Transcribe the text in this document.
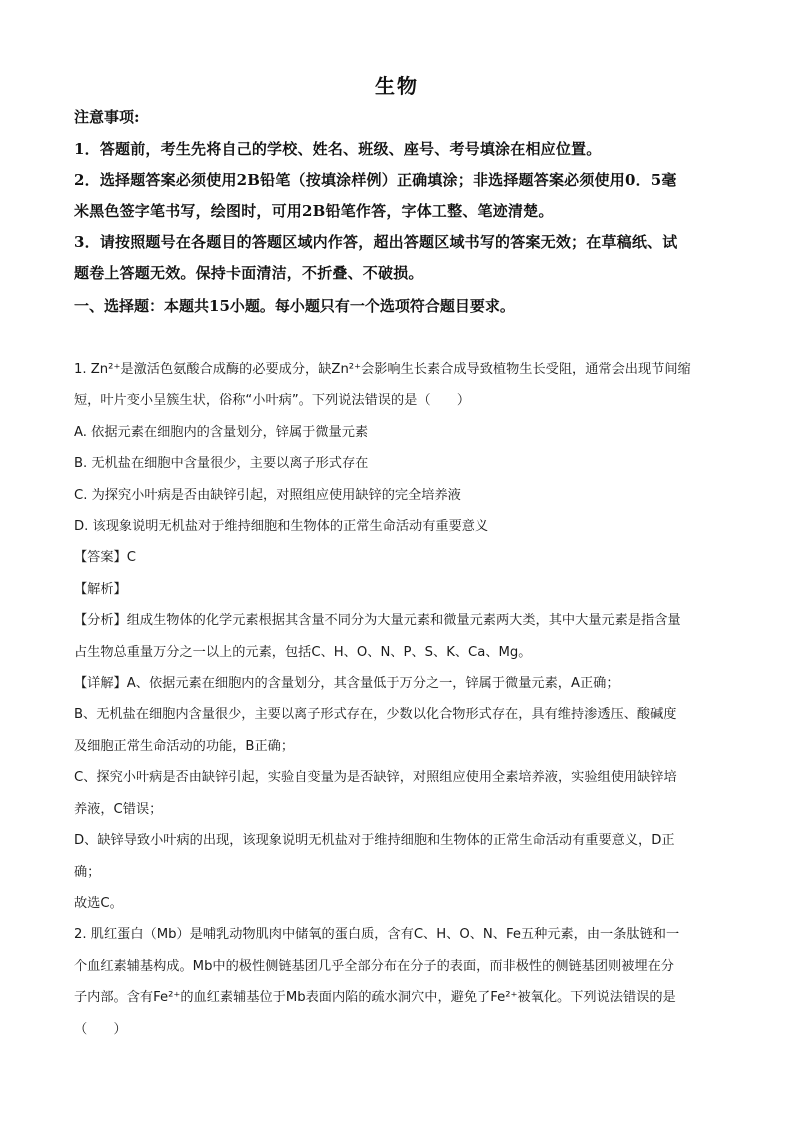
生物
注意事项:
1．答题前，考生先将自己的学校、姓名、班级、座号、考号填涂在相应位置。
2．选择题答案必须使用2B铅笔（按填涂样例）正确填涂；非选择题答案必须使用0．5毫
米黑色签字笔书写，绘图时，可用2B铅笔作答，字体工整、笔迹清楚。
3．请按照题号在各题目的答题区域内作答，超出答题区域书写的答案无效；在草稿纸、试
题卷上答题无效。保持卡面清洁，不折叠、不破损。
一、选择题：本题共15小题。每小题只有一个选项符合题目要求。

1. Zn²⁺是激活色氨酸合成酶的必要成分，缺Zn²⁺会影响生长素合成导致植物生长受阻，通常会出现节间缩

短，叶片变小呈簇生状，俗称“小叶病”。下列说法错误的是（　　）

A. 依据元素在细胞内的含量划分，锌属于微量元素

B. 无机盐在细胞中含量很少，主要以离子形式存在

C. 为探究小叶病是否由缺锌引起，对照组应使用缺锌的完全培养液

D. 该现象说明无机盐对于维持细胞和生物体的正常生命活动有重要意义

【答案】C

【解析】

【分析】组成生物体的化学元素根据其含量不同分为大量元素和微量元素两大类，其中大量元素是指含量

占生物总重量万分之一以上的元素，包括C、H、O、N、P、S、K、Ca、Mg。

【详解】A、依据元素在细胞内的含量划分，其含量低于万分之一，锌属于微量元素，A正确；

B、无机盐在细胞内含量很少，主要以离子形式存在，少数以化合物形式存在，具有维持渗透压、酸碱度

及细胞正常生命活动的功能，B正确；

C、探究小叶病是否由缺锌引起，实验自变量为是否缺锌，对照组应使用全素培养液，实验组使用缺锌培

养液，C错误；

D、缺锌导致小叶病的出现，该现象说明无机盐对于维持细胞和生物体的正常生命活动有重要意义，D正

确；

故选C。

2. 肌红蛋白（Mb）是哺乳动物肌肉中储氧的蛋白质，含有C、H、O、N、Fe五种元素，由一条肽链和一

个血红素辅基构成。Mb中的极性侧链基团几乎全部分布在分子的表面，而非极性的侧链基团则被埋在分

子内部。含有Fe²⁺的血红素辅基位于Mb表面内陷的疏水洞穴中，避免了Fe²⁺被氧化。下列说法错误的是

（　　）
